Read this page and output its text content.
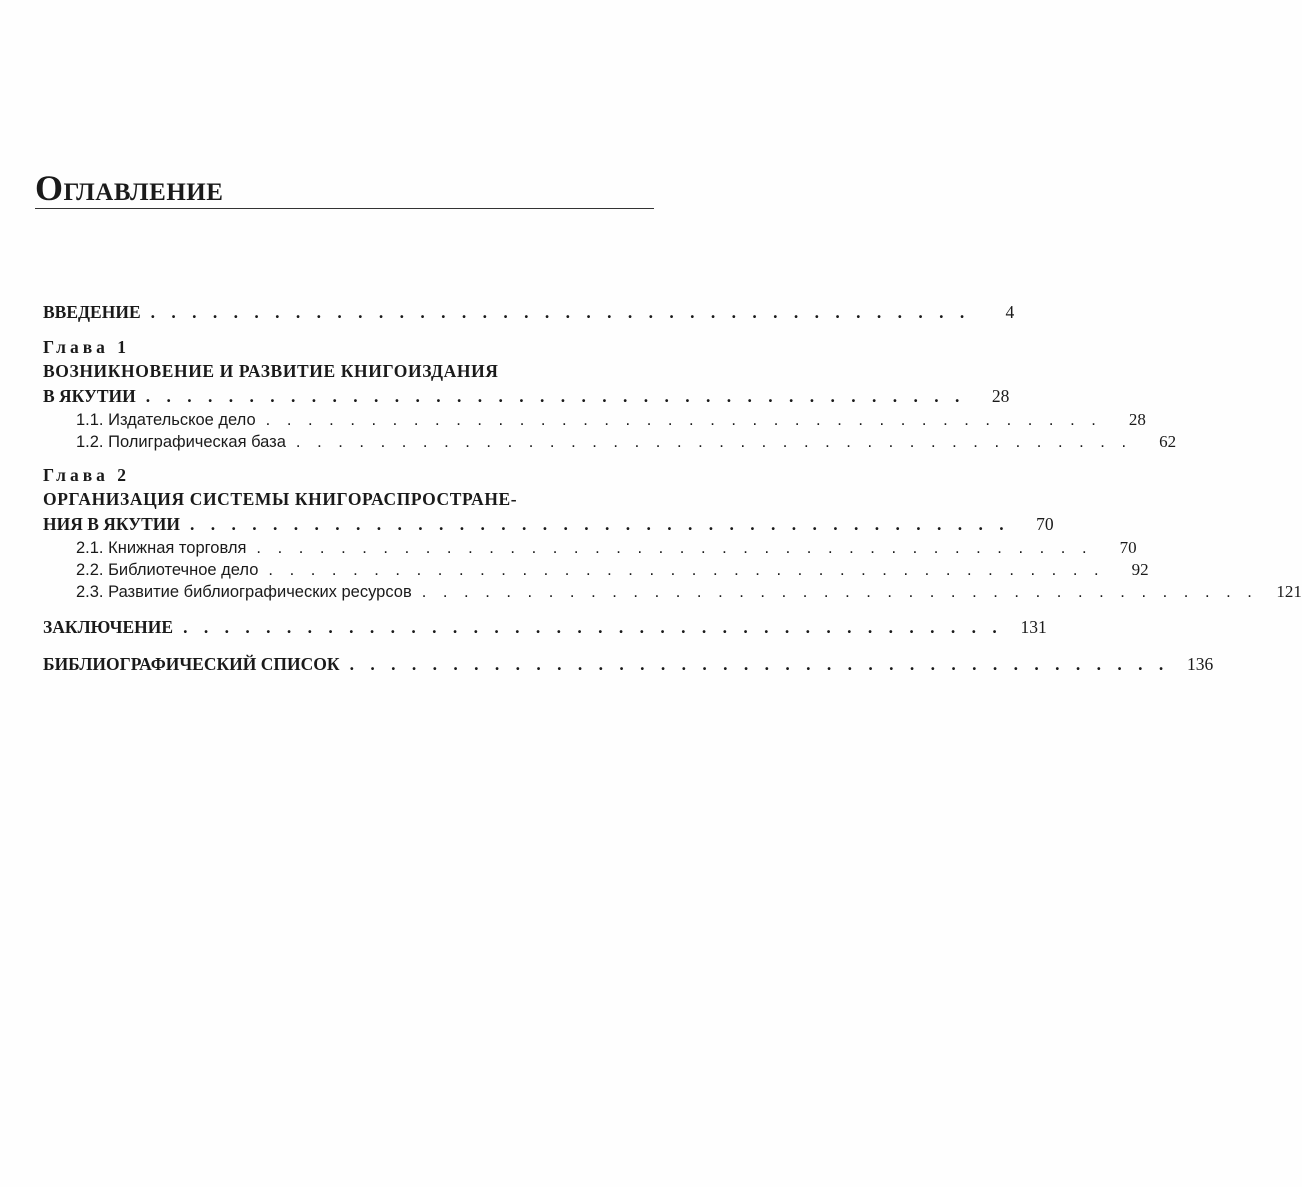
Оглавление
ВВЕДЕНИЕ . . . . . . . . . . . . . . . . . . . . . . . . . . . . . . . . . . . . . . . .	4
Глава 1
ВОЗНИКНОВЕНИЕ И РАЗВИТИЕ КНИГОИЗДАНИЯ
В ЯКУТИИ . . . . . . . . . . . . . . . . . . . . . . . . . . . . . . . . . . . . . . . .	28
1.1. Издательское дело . . . . . . . . . . . . . . . . . . . . . . . . . . . . . . . . . . . . . . . .	28
1.2. Полиграфическая база . . . . . . . . . . . . . . . . . . . . . . . . . . . . . . . . . . . . . . . .	62
Глава 2
ОРГАНИЗАЦИЯ СИСТЕМЫ КНИГОРАСПРОСТРАНЕ-
НИЯ В ЯКУТИИ . . . . . . . . . . . . . . . . . . . . . . . . . . . . . . . . . . . . . . . .	70
2.1. Книжная торговля . . . . . . . . . . . . . . . . . . . . . . . . . . . . . . . . . . . . . . . .	70
2.2. Библиотечное дело . . . . . . . . . . . . . . . . . . . . . . . . . . . . . . . . . . . . . . . .	92
2.3. Развитие библиографических ресурсов . . . . . . . . . . . . . . . . . . . . . . . . . . . . . . . . . . . . . . . . 121
ЗАКЛЮЧЕНИЕ . . . . . . . . . . . . . . . . . . . . . . . . . . . . . . . . . . . . . . . . 131
БИБЛИОГРАФИЧЕСКИЙ СПИСОК . . . . . . . . . . . . . . . . . . . . . . . . . . . . . . . . . . . . . . . . 136
